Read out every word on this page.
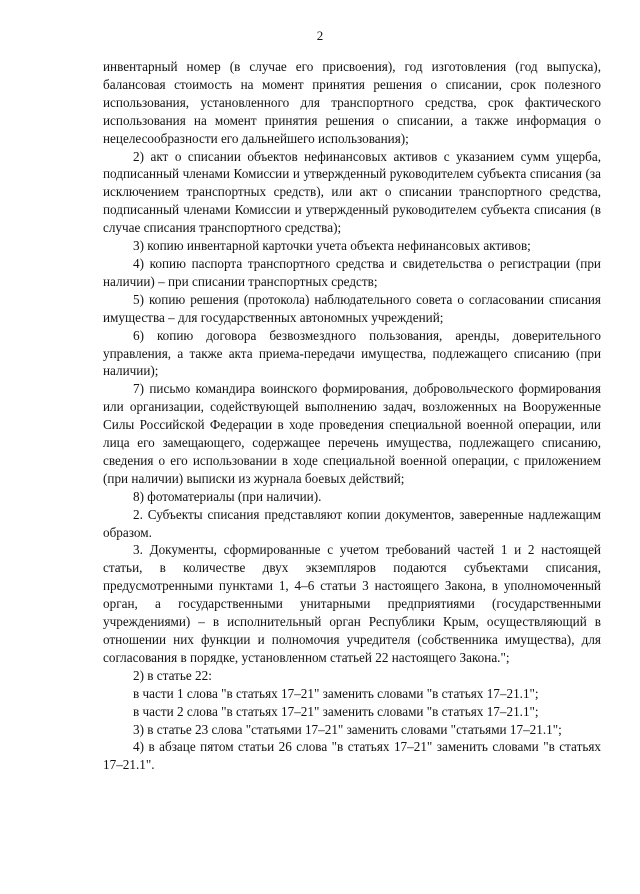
2

инвентарный номер (в случае его присвоения), год изготовления (год выпуска), балансовая стоимость на момент принятия решения о списании, срок полезного использования, установленного для транспортного средства, срок фактического использования на момент принятия решения о списании, а также информация о нецелесообразности его дальнейшего использования);

2) акт о списании объектов нефинансовых активов с указанием сумм ущерба, подписанный членами Комиссии и утвержденный руководителем субъекта списания (за исключением транспортных средств), или акт о списании транспортного средства, подписанный членами Комиссии и утвержденный руководителем субъекта списания (в случае списания транспортного средства);

3) копию инвентарной карточки учета объекта нефинансовых активов;

4) копию паспорта транспортного средства и свидетельства о регистрации (при наличии) – при списании транспортных средств;

5) копию решения (протокола) наблюдательного совета о согласовании списания имущества – для государственных автономных учреждений;

6) копию договора безвозмездного пользования, аренды, доверительного управления, а также акта приема-передачи имущества, подлежащего списанию (при наличии);

7) письмо командира воинского формирования, добровольческого формирования или организации, содействующей выполнению задач, возложенных на Вооруженные Силы Российской Федерации в ходе проведения специальной военной операции, или лица его замещающего, содержащее перечень имущества, подлежащего списанию, сведения о его использовании в ходе специальной военной операции, с приложением (при наличии) выписки из журнала боевых действий;

8) фотоматериалы (при наличии).

2. Субъекты списания представляют копии документов, заверенные надлежащим образом.

3. Документы, сформированные с учетом требований частей 1 и 2 настоящей статьи, в количестве двух экземпляров подаются субъектами списания, предусмотренными пунктами 1, 4–6 статьи 3 настоящего Закона, в уполномоченный орган, а государственными унитарными предприятиями (государственными учреждениями) – в исполнительный орган Республики Крым, осуществляющий в отношении них функции и полномочия учредителя (собственника имущества), для согласования в порядке, установленном статьей 22 настоящего Закона.";

2) в статье 22:

в части 1 слова "в статьях 17–21" заменить словами "в статьях 17–21.1";

в части 2 слова "в статьях 17–21" заменить словами "в статьях 17–21.1";

3) в статье 23 слова "статьями 17–21" заменить словами "статьями 17–21.1";

4) в абзаце пятом статьи 26 слова "в статьях 17–21" заменить словами "в статьях 17–21.1".
